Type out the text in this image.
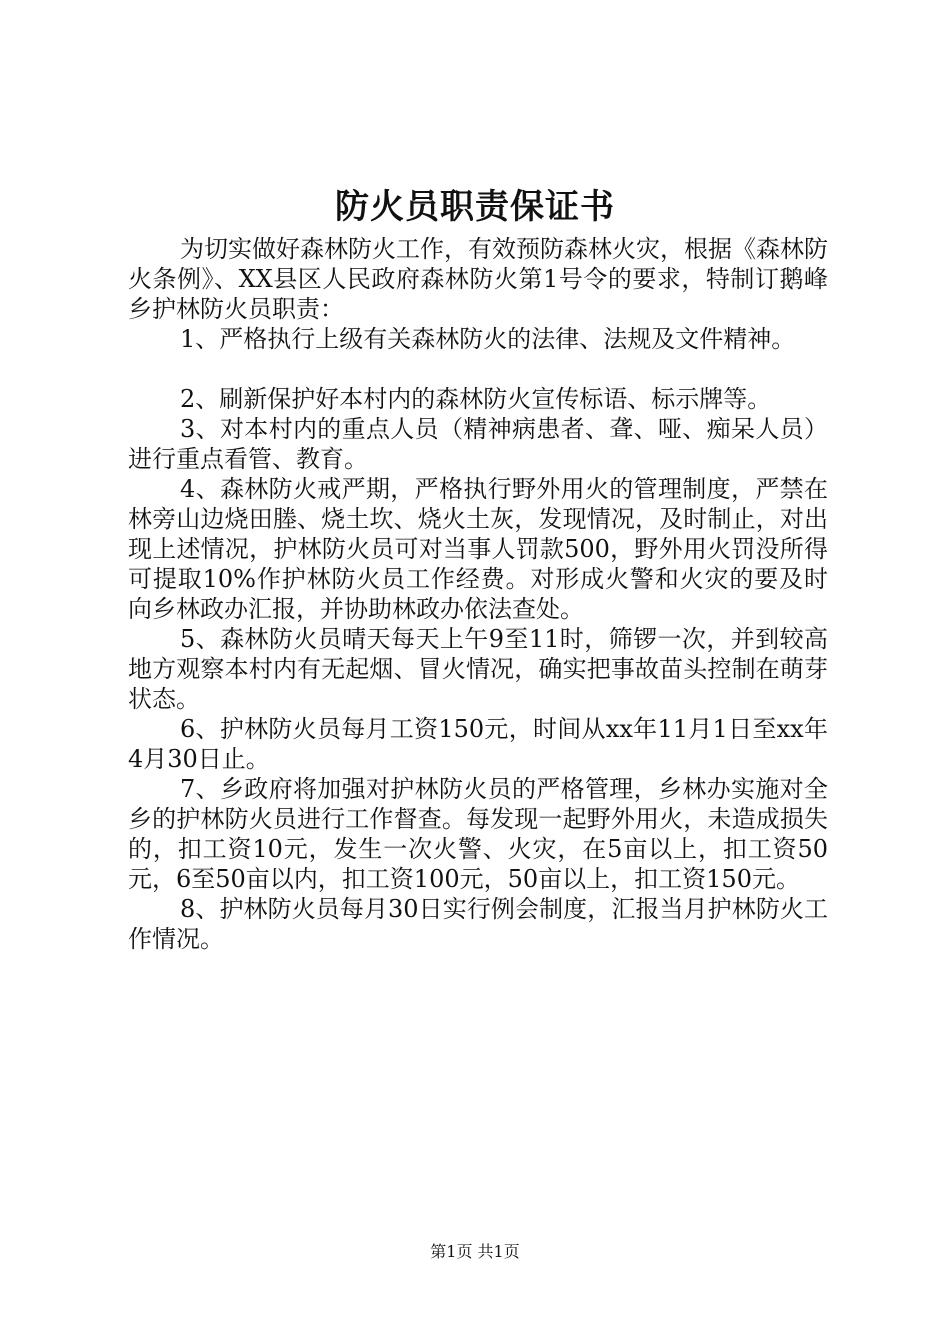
防火员职责保证书

为切实做好森林防火工作，有效预防森林火灾，根据《森林防火条例》、XX县区人民政府森林防火第1号令的要求，特制订鹅峰乡护林防火员职责：

1、严格执行上级有关森林防火的法律、法规及文件精神。

2、刷新保护好本村内的森林防火宣传标语、标示牌等。

3、对本村内的重点人员（精神病患者、聋、哑、痴呆人员）进行重点看管、教育。

4、森林防火戒严期，严格执行野外用火的管理制度，严禁在林旁山边烧田塍、烧土坎、烧火土灰，发现情况，及时制止，对出现上述情况，护林防火员可对当事人罚款500，野外用火罚没所得可提取10%作护林防火员工作经费。对形成火警和火灾的要及时向乡林政办汇报，并协助林政办依法查处。

5、森林防火员晴天每天上午9至11时，筛锣一次，并到较高地方观察本村内有无起烟、冒火情况，确实把事故苗头控制在萌芽状态。

6、护林防火员每月工资150元，时间从xx年11月1日至xx年4月30日止。

7、乡政府将加强对护林防火员的严格管理，乡林办实施对全乡的护林防火员进行工作督查。每发现一起野外用火，未造成损失的，扣工资10元，发生一次火警、火灾，在5亩以上，扣工资50元，6至50亩以内，扣工资100元，50亩以上，扣工资150元。

8、护林防火员每月30日实行例会制度，汇报当月护林防火工作情况。

第1页 共1页
